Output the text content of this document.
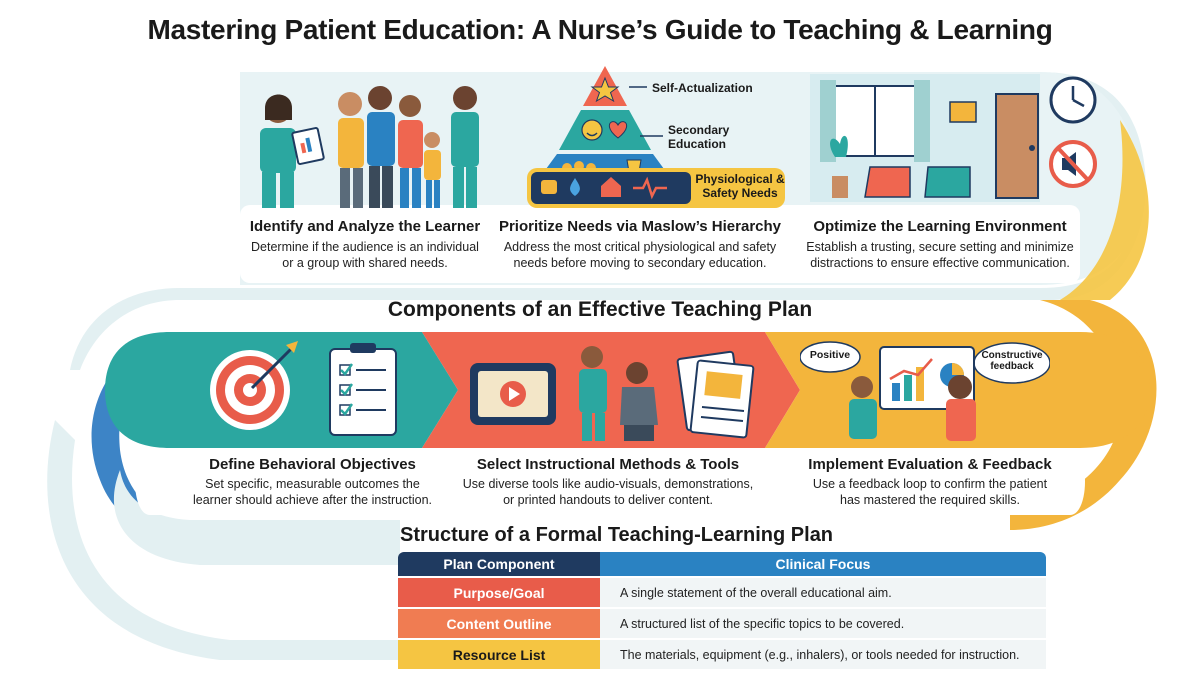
Mastering Patient Education: A Nurse’s Guide to Teaching & Learning
Self-Actualization
Secondary
Education
Physiological &
Safety Needs
Identify and Analyze the Learner
Determine if the audience is an individual
or a group with shared needs.
Prioritize Needs via Maslow’s Hierarchy
Address the most critical physiological and safety
needs before moving to secondary education.
Optimize the Learning Environment
Establish a trusting, secure setting and minimize
distractions to ensure effective communication.
Components of an Effective Teaching Plan
Positive	Constructive
feedback
Define Behavioral Objectives
Set specific, measurable outcomes the
learner should achieve after the instruction.
Select Instructional Methods & Tools
Use diverse tools like audio-visuals, demonstrations,
or printed handouts to deliver content.
Implement Evaluation & Feedback
Use a feedback loop to confirm the patient
has mastered the required skills.
Structure of a Formal Teaching-Learning Plan
Plan Component	Clinical Focus
Purpose/Goal	A single statement of the overall educational aim.
Content Outline	A structured list of the specific topics to be covered.
Resource List	The materials, equipment (e.g., inhalers), or tools needed for instruction.
